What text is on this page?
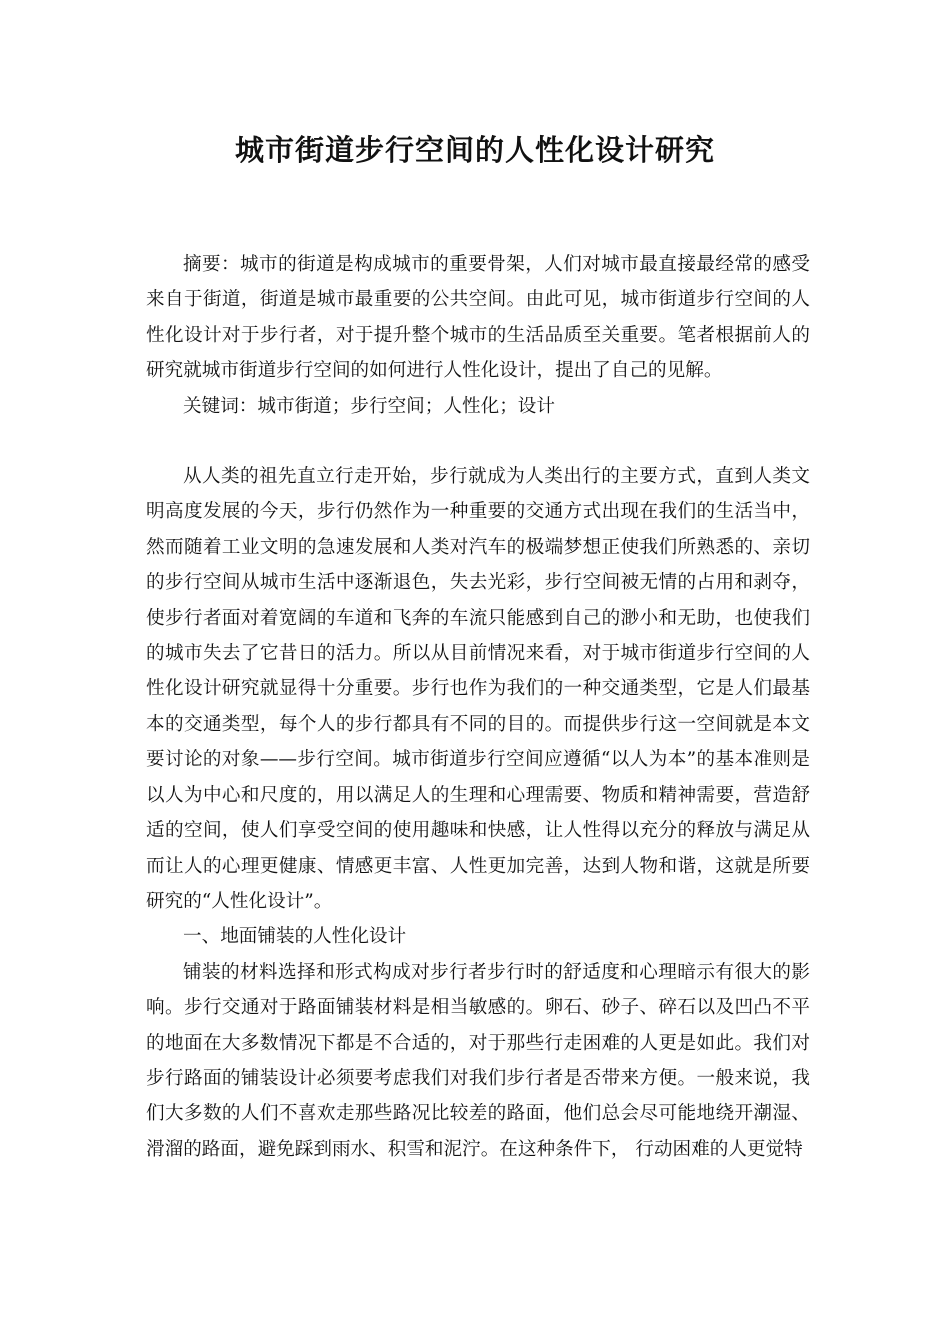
城市街道步行空间的人性化设计研究

摘要：城市的街道是构成城市的重要骨架，人们对城市最直接最经常的感受来自于街道，街道是城市最重要的公共空间。由此可见，城市街道步行空间的人性化设计对于步行者，对于提升整个城市的生活品质至关重要。笔者根据前人的研究就城市街道步行空间的如何进行人性化设计，提出了自己的见解。

关键词：城市街道；步行空间；人性化；设计

从人类的祖先直立行走开始，步行就成为人类出行的主要方式，直到人类文明高度发展的今天，步行仍然作为一种重要的交通方式出现在我们的生活当中，然而随着工业文明的急速发展和人类对汽车的极端梦想正使我们所熟悉的、亲切的步行空间从城市生活中逐渐退色，失去光彩，步行空间被无情的占用和剥夺，使步行者面对着宽阔的车道和飞奔的车流只能感到自己的渺小和无助，也使我们的城市失去了它昔日的活力。所以从目前情况来看，对于城市街道步行空间的人性化设计研究就显得十分重要。步行也作为我们的一种交通类型，它是人们最基本的交通类型，每个人的步行都具有不同的目的。而提供步行这一空间就是本文要讨论的对象——步行空间。城市街道步行空间应遵循“以人为本”的基本准则是以人为中心和尺度的，用以满足人的生理和心理需要、物质和精神需要，营造舒适的空间，使人们享受空间的使用趣味和快感，让人性得以充分的释放与满足从而让人的心理更健康、情感更丰富、人性更加完善，达到人物和谐，这就是所要研究的“人性化设计”。

一、地面铺装的人性化设计

铺装的材料选择和形式构成对步行者步行时的舒适度和心理暗示有很大的影响。步行交通对于路面铺装材料是相当敏感的。卵石、砂子、碎石以及凹凸不平的地面在大多数情况下都是不合适的，对于那些行走困难的人更是如此。我们对步行路面的铺装设计必须要考虑我们对我们步行者是否带来方便。一般来说，我们大多数的人们不喜欢走那些路况比较差的路面，他们总会尽可能地绕开潮湿、滑溜的路面，避免踩到雨水、积雪和泥泞。在这种条件下， 行动困难的人更觉特
